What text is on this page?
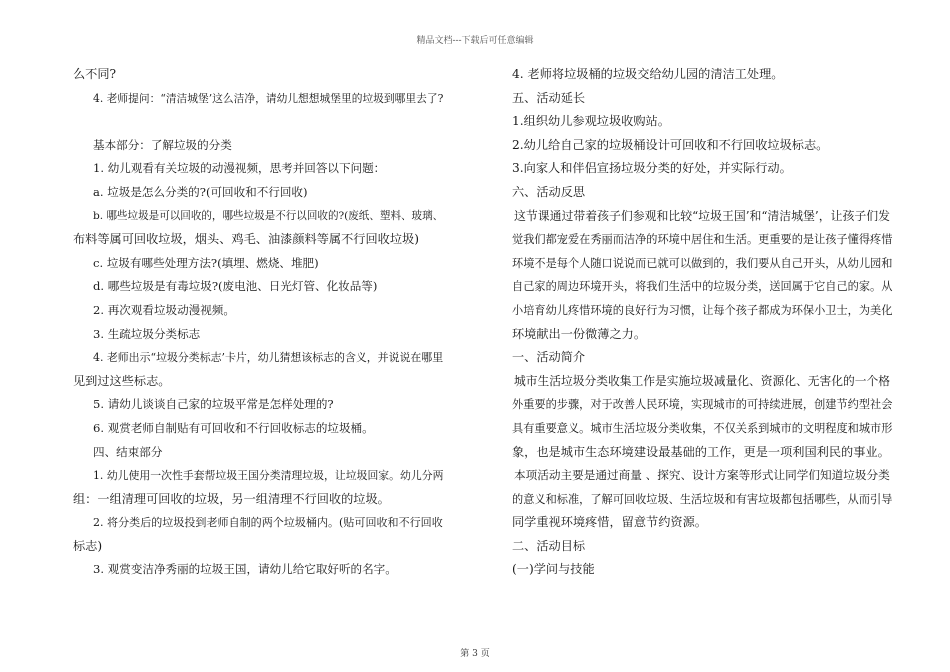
精品文档---下载后可任意编辑

么不同?

4. 老师提问：“清洁城堡’这么洁净，请幼儿想想城堡里的垃圾到哪里去了?

基本部分：了解垃圾的分类

1. 幼儿观看有关垃圾的动漫视频，思考并回答以下问题：

a. 垃圾是怎么分类的?(可回收和不行回收)

b. 哪些垃圾是可以回收的，哪些垃圾是不行以回收的?(废纸、塑料、玻璃、

布料等属可回收垃圾，烟头、鸡毛、油漆颜料等属不行回收垃圾)

c. 垃圾有哪些处理方法?(填埋、燃烧、堆肥)

d. 哪些垃圾是有毒垃圾?(废电池、日光灯管、化妆品等)

2. 再次观看垃圾动漫视频。

3. 生疏垃圾分类标志

4. 老师出示“垃圾分类标志’卡片，幼儿猜想该标志的含义，并说说在哪里

见到过这些标志。

5. 请幼儿谈谈自己家的垃圾平常是怎样处理的?

6. 观赏老师自制贴有可回收和不行回收标志的垃圾桶。

四、结束部分

1. 幼儿使用一次性手套帮垃圾王国分类清理垃圾，让垃圾回家。幼儿分两

组：一组清理可回收的垃圾，另一组清理不行回收的垃圾。

2. 将分类后的垃圾投到老师自制的两个垃圾桶内。(贴可回收和不行回收

标志)

3. 观赏变洁净秀丽的垃圾王国，请幼儿给它取好听的名字。

4. 老师将垃圾桶的垃圾交给幼儿园的清洁工处理。

五、活动延长

1.组织幼儿参观垃圾收购站。

2.幼儿给自己家的垃圾桶设计可回收和不行回收垃圾标志。

3.向家人和伴侣宣扬垃圾分类的好处，并实际行动。

六、活动反思

这节课通过带着孩子们参观和比较“垃圾王国’和“清洁城堡’，让孩子们发

觉我们都宠爱在秀丽而洁净的环境中居住和生活。更重要的是让孩子懂得疼惜

环境不是每个人随口说说而已就可以做到的，我们要从自己开头，从幼儿园和

自己家的周边环境开头，将我们生活中的垃圾分类，送回属于它自己的家。从

小培育幼儿疼惜环境的良好行为习惯，让每个孩子都成为环保小卫士，为美化

环境献出一份微薄之力。

一、活动简介

城市生活垃圾分类收集工作是实施垃圾减量化、资源化、无害化的一个格

外重要的步骤，对于改善人民环境，实现城市的可持续进展，创建节约型社会

具有重要意义。城市生活垃圾分类收集，不仅关系到城市的文明程度和城市形

象，也是城市生态环境建设最基础的工作，更是一项利国利民的事业。

本项活动主要是通过商量 、探究、设计方案等形式让同学们知道垃圾分类

的意义和标准，了解可回收垃圾、生活垃圾和有害垃圾都包括哪些，从而引导

同学重视环境疼惜，留意节约资源。

二、活动目标

(一)学问与技能

第 3 页
